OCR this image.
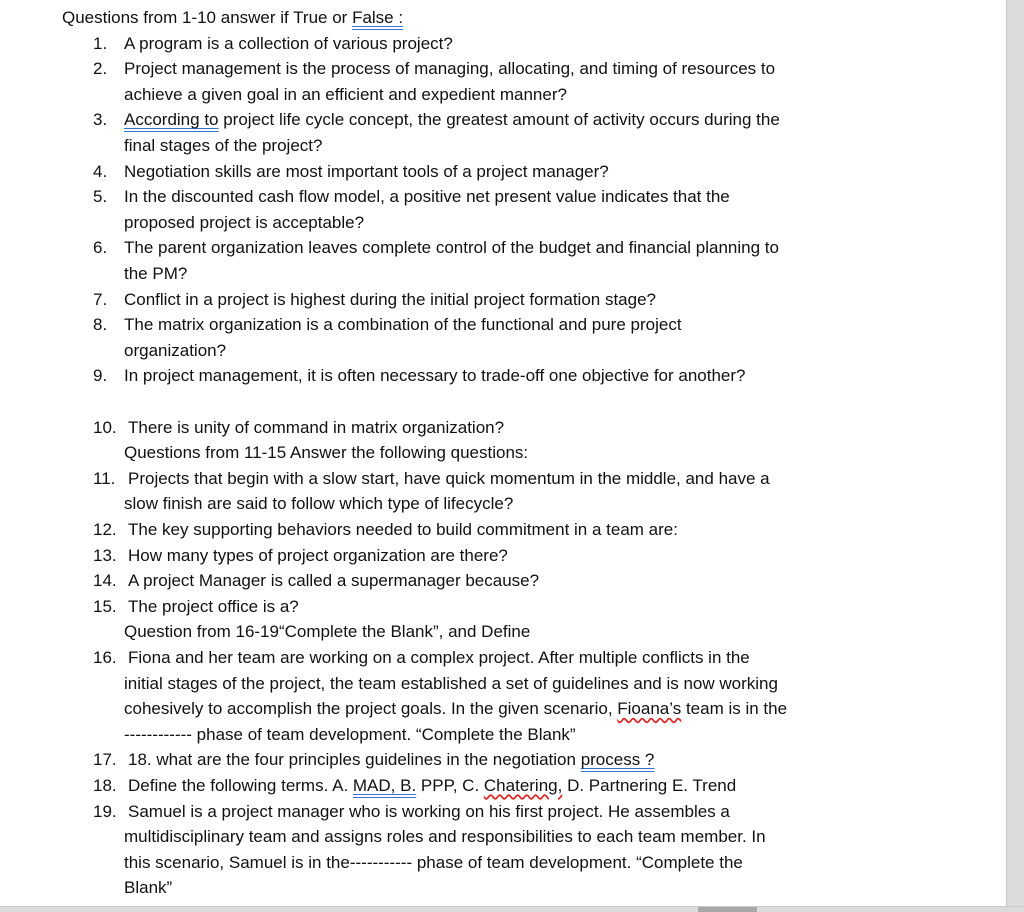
Questions from 1-10 answer if True or False :
1. A program is a collection of various project?
2. Project management is the process of managing, allocating, and timing of resources to
achieve a given goal in an efficient and expedient manner?
3. According to project life cycle concept, the greatest amount of activity occurs during the
final stages of the project?
4. Negotiation skills are most important tools of a project manager?
5. In the discounted cash flow model, a positive net present value indicates that the
proposed project is acceptable?
6. The parent organization leaves complete control of the budget and financial planning to
the PM?
7. Conflict in a project is highest during the initial project formation stage?
8. The matrix organization is a combination of the functional and pure project
organization?
9. In project management, it is often necessary to trade-off one objective for another?
10. There is unity of command in matrix organization?
Questions from 11-15 Answer the following questions:
11. Projects that begin with a slow start, have quick momentum in the middle, and have a
slow finish are said to follow which type of lifecycle?
12. The key supporting behaviors needed to build commitment in a team are:
13. How many types of project organization are there?
14. A project Manager is called a supermanager because?
15. The project office is a?
Question from 16-19“Complete the Blank”, and Define
16. Fiona and her team are working on a complex project. After multiple conflicts in the
initial stages of the project, the team established a set of guidelines and is now working
cohesively to accomplish the project goals. In the given scenario, Fioana’s team is in the
------------ phase of team development. “Complete the Blank”
17. 18. what are the four principles guidelines in the negotiation process ?
18. Define the following terms. A. MAD, B. PPP, C. Chatering, D. Partnering E. Trend
19. Samuel is a project manager who is working on his first project. He assembles a
multidisciplinary team and assigns roles and responsibilities to each team member. In
this scenario, Samuel is in the----------- phase of team development. “Complete the
Blank”
